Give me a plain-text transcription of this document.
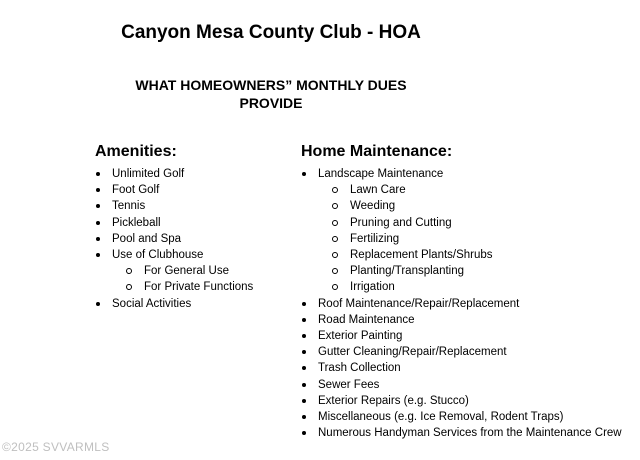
Canyon Mesa County Club - HOA
WHAT HOMEOWNERS” MONTHLY DUES
PROVIDE
Amenities:
Unlimited Golf
Foot Golf
Tennis
Pickleball
Pool and Spa
Use of Clubhouse
For General Use
For Private Functions
Social Activities
Home Maintenance:
Landscape Maintenance
Lawn Care
Weeding
Pruning and Cutting
Fertilizing
Replacement Plants/Shrubs
Planting/Transplanting
Irrigation
Roof Maintenance/Repair/Replacement
Road Maintenance
Exterior Painting
Gutter Cleaning/Repair/Replacement
Trash Collection
Sewer Fees
Exterior Repairs (e.g. Stucco)
Miscellaneous (e.g. Ice Removal, Rodent Traps)
Numerous Handyman Services from the Maintenance Crew
©2025 SVVARMLS
